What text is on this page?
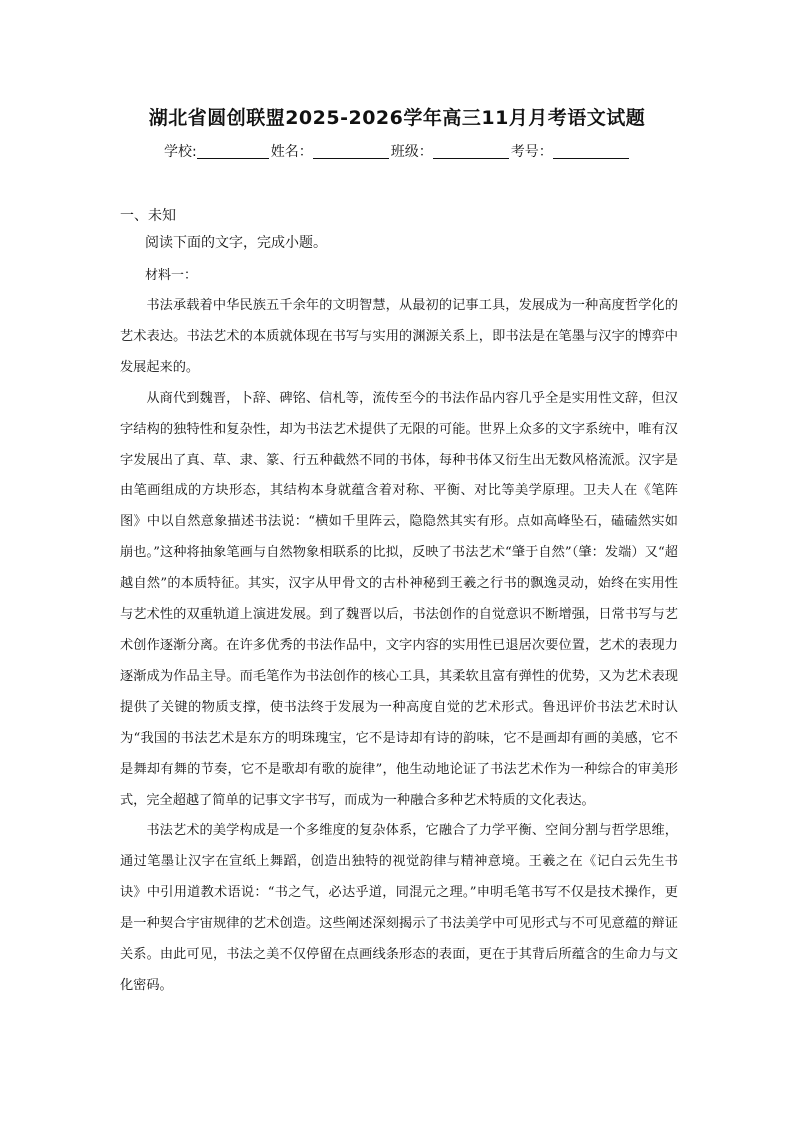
湖北省圆创联盟2025-2026学年高三11月月考语文试题
学校:	姓名：	班级：	考号：
一、未知
阅读下面的文字，完成小题。
材料一：

书法承载着中华民族五千余年的文明智慧，从最初的记事工具，发展成为一种高度哲学化的艺术表达。书法艺术的本质就体现在书写与实用的渊源关系上，即书法是在笔墨与汉字的博弈中发展起来的。

从商代到魏晋，卜辞、碑铭、信札等，流传至今的书法作品内容几乎全是实用性文辞，但汉字结构的独特性和复杂性，却为书法艺术提供了无限的可能。世界上众多的文字系统中，唯有汉字发展出了真、草、隶、篆、行五种截然不同的书体，每种书体又衍生出无数风格流派。汉字是由笔画组成的方块形态，其结构本身就蕴含着对称、平衡、对比等美学原理。卫夫人在《笔阵图》中以自然意象描述书法说：“横如千里阵云，隐隐然其实有形。点如高峰坠石，磕磕然实如崩也。”这种将抽象笔画与自然物象相联系的比拟，反映了书法艺术“肇于自然”（肇：发端）又“超越自然”的本质特征。其实，汉字从甲骨文的古朴神秘到王羲之行书的飘逸灵动，始终在实用性与艺术性的双重轨道上演进发展。到了魏晋以后，书法创作的自觉意识不断增强，日常书写与艺术创作逐渐分离。在许多优秀的书法作品中，文字内容的实用性已退居次要位置，艺术的表现力逐渐成为作品主导。而毛笔作为书法创作的核心工具，其柔软且富有弹性的优势，又为艺术表现提供了关键的物质支撑，使书法终于发展为一种高度自觉的艺术形式。鲁迅评价书法艺术时认为“我国的书法艺术是东方的明珠瑰宝，它不是诗却有诗的韵味，它不是画却有画的美感，它不是舞却有舞的节奏，它不是歌却有歌的旋律”，他生动地论证了书法艺术作为一种综合的审美形式，完全超越了简单的记事文字书写，而成为一种融合多种艺术特质的文化表达。

书法艺术的美学构成是一个多维度的复杂体系，它融合了力学平衡、空间分割与哲学思维，通过笔墨让汉字在宣纸上舞蹈，创造出独特的视觉韵律与精神意境。王羲之在《记白云先生书诀》中引用道教术语说：“书之气，必达乎道，同混元之理。”申明毛笔书写不仅是技术操作，更是一种契合宇宙规律的艺术创造。这些阐述深刻揭示了书法美学中可见形式与不可见意蕴的辩证关系。由此可见，书法之美不仅停留在点画线条形态的表面，更在于其背后所蕴含的生命力与文化密码。
